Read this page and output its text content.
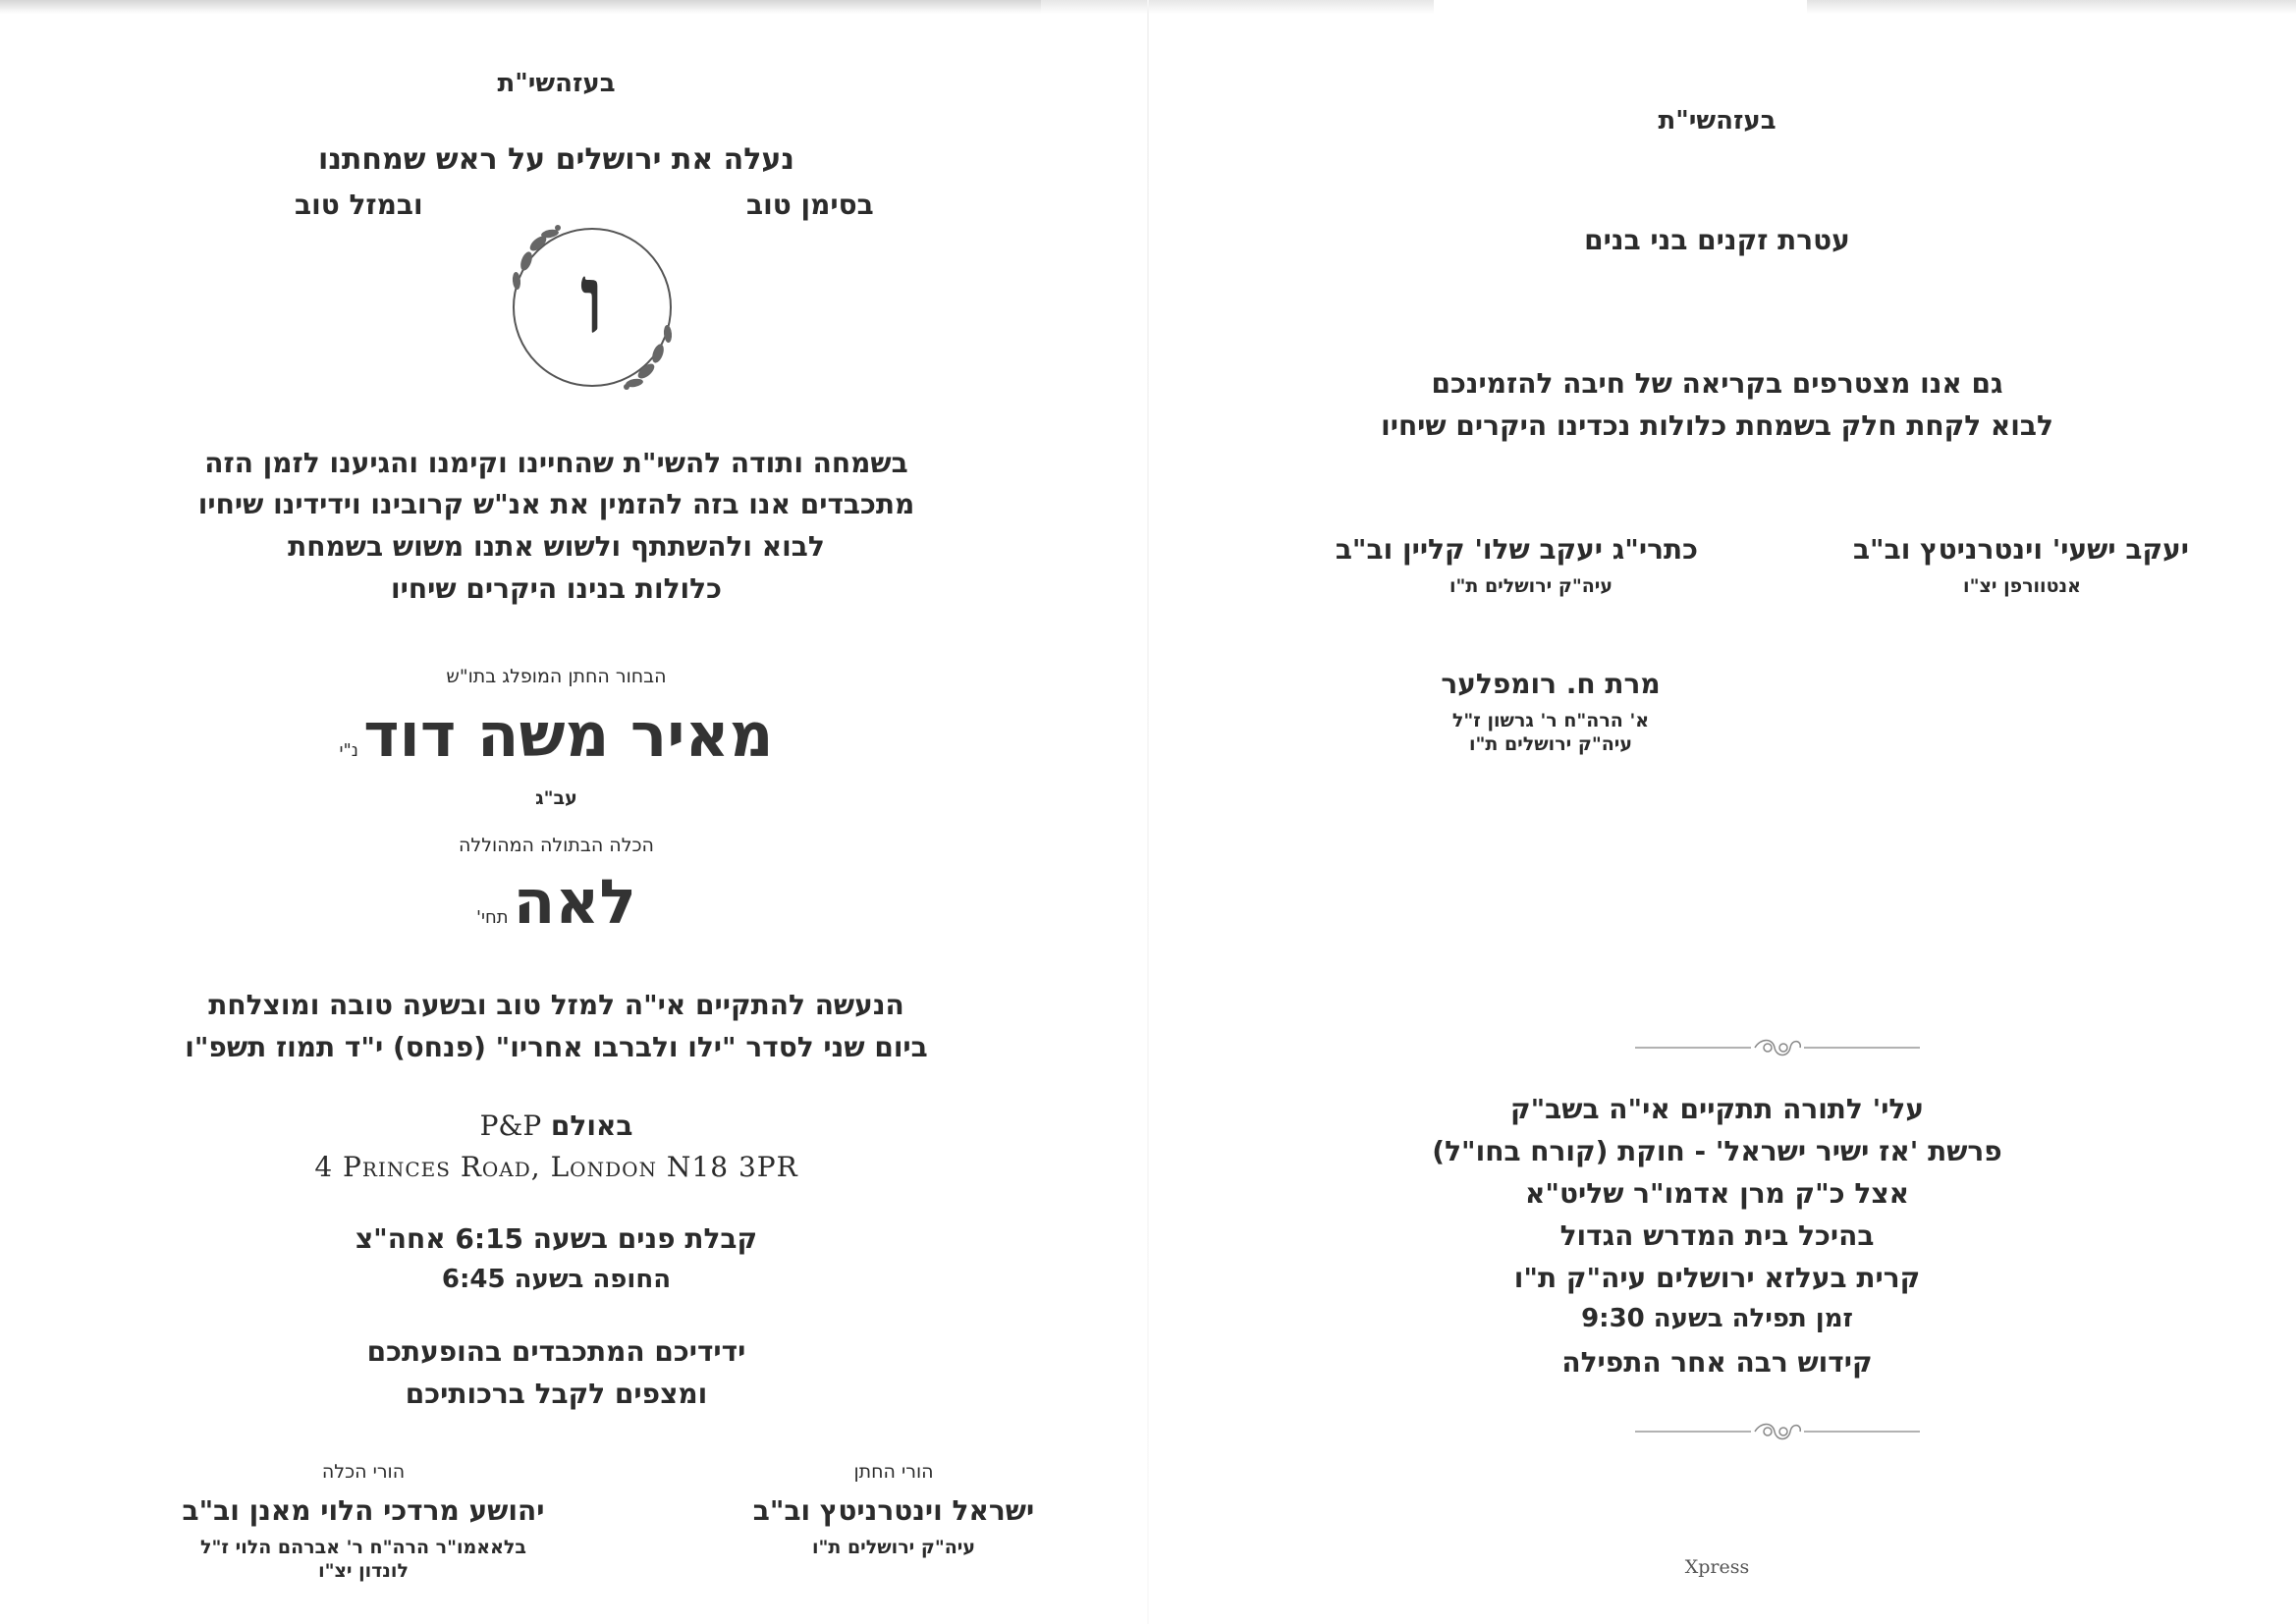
בעזהשי"ת
נעלה את ירושלים על ראש שמחתנו
בסימן טוב
ובמזל טוב
ו
בשמחה ותודה להשי"ת שהחיינו וקימנו והגיענו לזמן הזה
מתכבדים אנו בזה להזמין את אנ"ש קרובינו וידידינו שיחיו
לבוא ולהשתתף ולשוש אתנו משוש בשמחת
כלולות בנינו היקרים שיחיו
הבחור החתן המופלג בתו"ש
מאיר משה דוד נ"י
עב"ג
הכלה הבתולה המהוללה
לאה תחי'
הנעשה להתקיים אי"ה למזל טוב ובשעה טובה ומוצלחת
ביום שני לסדר "ילו ולברבו אחריו" (פנחס) י"ד תמוז תשפ"ו
באולם P&P
4 Princes Road, London N18 3PR
קבלת פנים בשעה 6:15 אחה"צ
החופה בשעה 6:45
ידידיכם המתכבדים בהופעתכם
ומצפים לקבל ברכותיכם
הורי החתן
ישראל וינטרניטץ וב"ב
עיה"ק ירושלים ת"ו
הורי הכלה
יהושע מרדכי הלוי מאנן וב"ב
בלאאמו"ר הרה"ח ר' אברהם הלוי ז"ל
לונדון יצ"ו
בעזהשי"ת
עטרת זקנים בני בנים
גם אנו מצטרפים בקריאה של חיבה להזמינכם
לבוא לקחת חלק בשמחת כלולות נכדינו היקרים שיחיו
יעקב ישעי' וינטרניטץ וב"ב
אנטוורפן יצ"ו
כתרי"ג יעקב שלו' קליין וב"ב
עיה"ק ירושלים ת"ו
מרת ח. רומפלער
א' הרה"ח ר' גרשון ז"ל
עיה"ק ירושלים ת"ו
עלי' לתורה תתקיים אי"ה בשב"ק
פרשת 'אז ישיר ישראל' - חוקת (קורח בחו"ל)
אצל כ"ק מרן אדמו"ר שליט"א
בהיכל בית המדרש הגדול
קרית בעלזא ירושלים עיה"ק ת"ו
זמן תפילה בשעה 9:30
קידוש רבה אחר התפילה
Xpress
